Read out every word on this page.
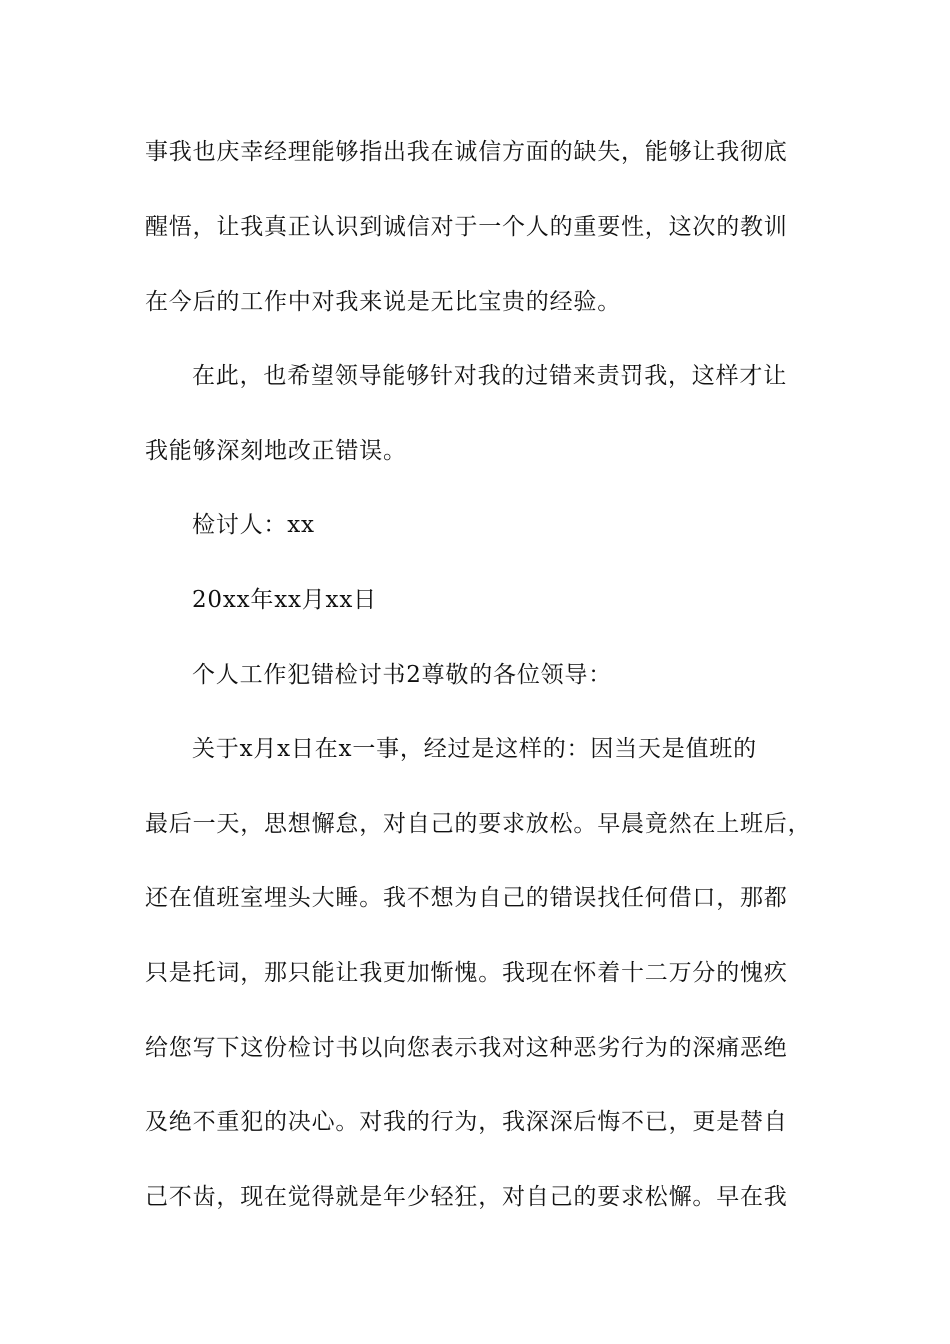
事我也庆幸经理能够指出我在诚信方面的缺失，能够让我彻底
醒悟，让我真正认识到诚信对于一个人的重要性，这次的教训
在今后的工作中对我来说是无比宝贵的经验。
在此，也希望领导能够针对我的过错来责罚我，这样才让
我能够深刻地改正错误。
检讨人：xx
20xx年xx月xx日
个人工作犯错检讨书2尊敬的各位领导：
关于x月x日在x一事，经过是这样的：因当天是值班的
最后一天，思想懈怠，对自己的要求放松。早晨竟然在上班后，
还在值班室埋头大睡。我不想为自己的错误找任何借口，那都
只是托词，那只能让我更加惭愧。我现在怀着十二万分的愧疚
给您写下这份检讨书以向您表示我对这种恶劣行为的深痛恶绝
及绝不重犯的决心。对我的行为，我深深后悔不已，更是替自
己不齿，现在觉得就是年少轻狂，对自己的要求松懈。早在我
